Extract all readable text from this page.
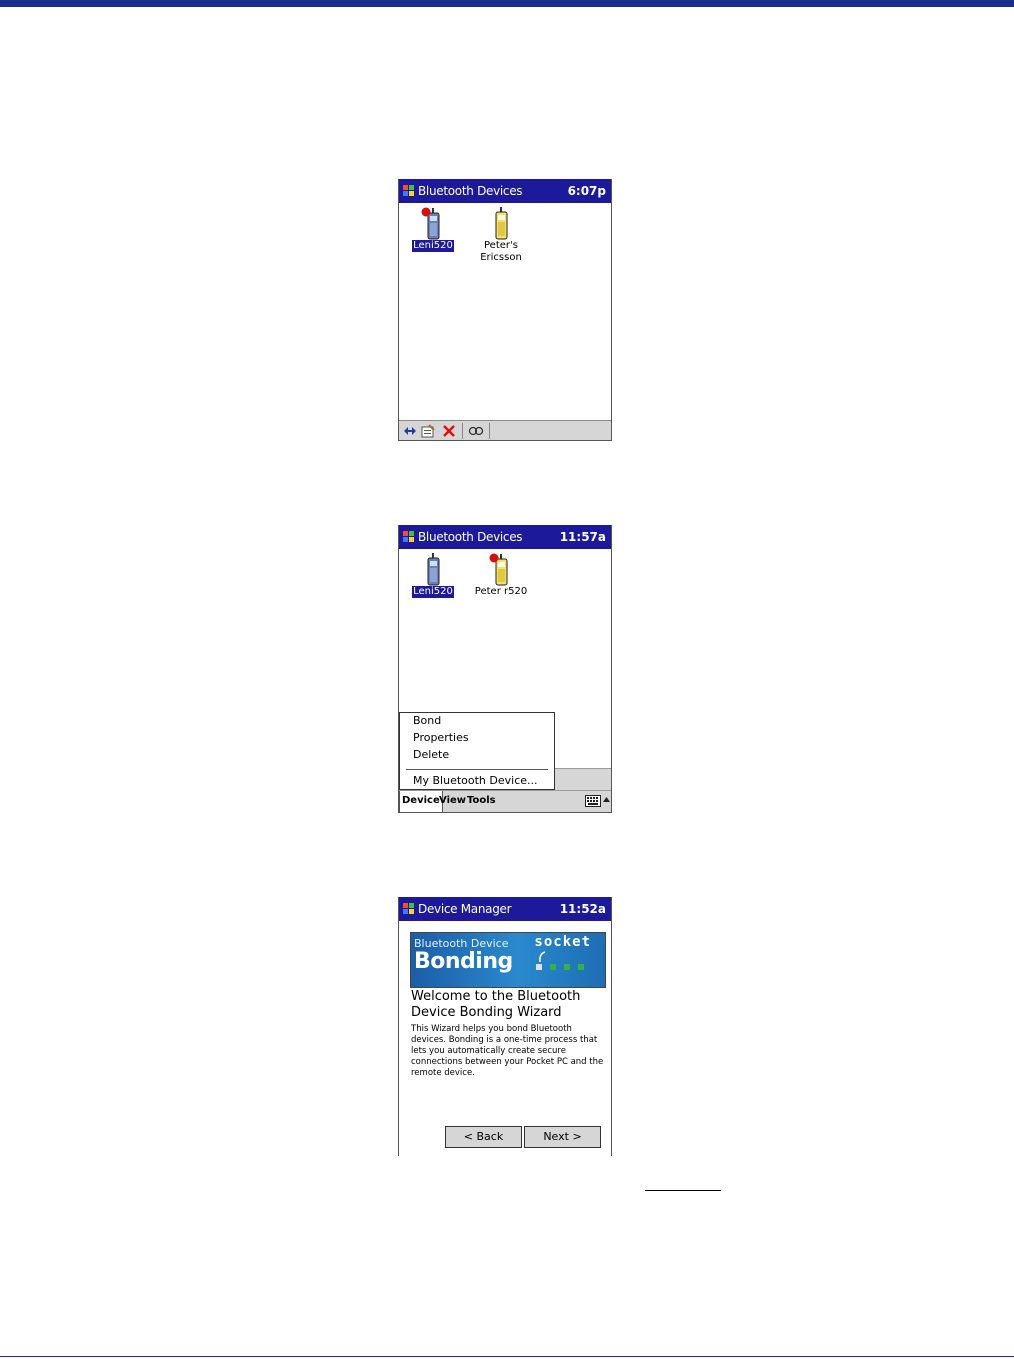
Bluetooth Devices	6:07p
Leni520	Peter's Ericsson
Bluetooth Devices	11:57a
Leni520	Peter r520
Bond
Properties
Delete
My Bluetooth Device...
Device View Tools
Device Manager	11:52a
Bluetooth Device
Bonding
socket
Welcome to the Bluetooth Device Bonding Wizard
This Wizard helps you bond Bluetooth devices. Bonding is a one-time process that lets you automatically create secure connections between your Pocket PC and the remote device.
< Back	Next >
